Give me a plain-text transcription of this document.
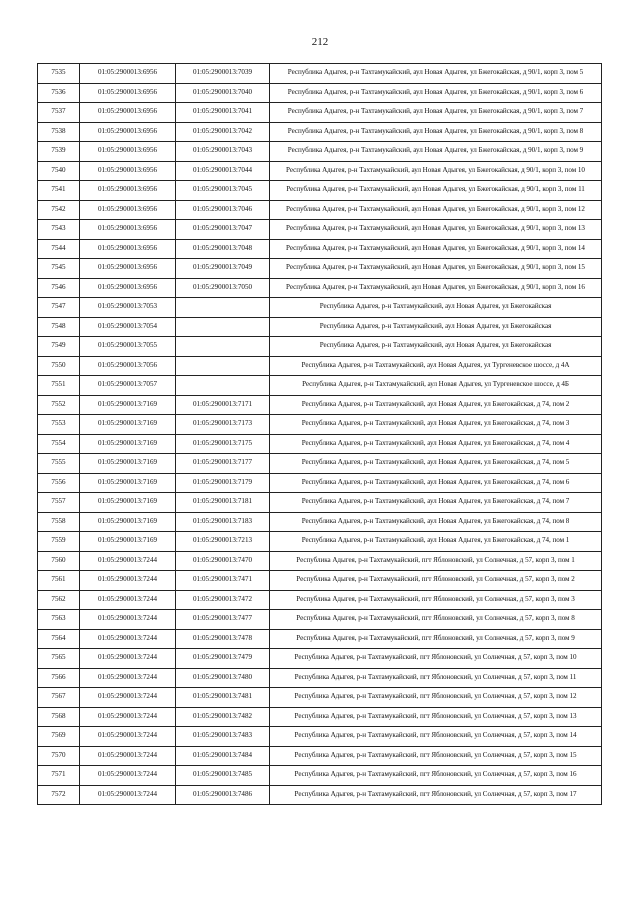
212
7535	01:05:2900013:6956	01:05:2900013:7039	Республика Адыгея, р-н Тахтамукайский, аул Новая Адыгея, ул Бжегокайская, д 90/1, корп 3, пом 5
7536	01:05:2900013:6956	01:05:2900013:7040	Республика Адыгея, р-н Тахтамукайский, аул Новая Адыгея, ул Бжегокайская, д 90/1, корп 3, пом 6
7537	01:05:2900013:6956	01:05:2900013:7041	Республика Адыгея, р-н Тахтамукайский, аул Новая Адыгея, ул Бжегокайская, д 90/1, корп 3, пом 7
7538	01:05:2900013:6956	01:05:2900013:7042	Республика Адыгея, р-н Тахтамукайский, аул Новая Адыгея, ул Бжегокайская, д 90/1, корп 3, пом 8
7539	01:05:2900013:6956	01:05:2900013:7043	Республика Адыгея, р-н Тахтамукайский, аул Новая Адыгея, ул Бжегокайская, д 90/1, корп 3, пом 9
7540	01:05:2900013:6956	01:05:2900013:7044	Республика Адыгея, р-н Тахтамукайский, аул Новая Адыгея, ул Бжегокайская, д 90/1, корп 3, пом 10
7541	01:05:2900013:6956	01:05:2900013:7045	Республика Адыгея, р-н Тахтамукайский, аул Новая Адыгея, ул Бжегокайская, д 90/1, корп 3, пом 11
7542	01:05:2900013:6956	01:05:2900013:7046	Республика Адыгея, р-н Тахтамукайский, аул Новая Адыгея, ул Бжегокайская, д 90/1, корп 3, пом 12
7543	01:05:2900013:6956	01:05:2900013:7047	Республика Адыгея, р-н Тахтамукайский, аул Новая Адыгея, ул Бжегокайская, д 90/1, корп 3, пом 13
7544	01:05:2900013:6956	01:05:2900013:7048	Республика Адыгея, р-н Тахтамукайский, аул Новая Адыгея, ул Бжегокайская, д 90/1, корп 3, пом 14
7545	01:05:2900013:6956	01:05:2900013:7049	Республика Адыгея, р-н Тахтамукайский, аул Новая Адыгея, ул Бжегокайская, д 90/1, корп 3, пом 15
7546	01:05:2900013:6956	01:05:2900013:7050	Республика Адыгея, р-н Тахтамукайский, аул Новая Адыгея, ул Бжегокайская, д 90/1, корп 3, пом 16
7547	01:05:2900013:7053		Республика Адыгея, р-н Тахтамукайский, аул Новая Адыгея, ул Бжегокайская
7548	01:05:2900013:7054		Республика Адыгея, р-н Тахтамукайский, аул Новая Адыгея, ул Бжегокайская
7549	01:05:2900013:7055		Республика Адыгея, р-н Тахтамукайский, аул Новая Адыгея, ул Бжегокайская
7550	01:05:2900013:7056		Республика Адыгея, р-н Тахтамукайский, аул Новая Адыгея, ул Тургеневское шоссе, д 4А
7551	01:05:2900013:7057		Республика Адыгея, р-н Тахтамукайский, аул Новая Адыгея, ул Тургеневское шоссе, д 4Б
7552	01:05:2900013:7169	01:05:2900013:7171	Республика Адыгея, р-н Тахтамукайский, аул Новая Адыгея, ул Бжегокайская, д 74, пом 2
7553	01:05:2900013:7169	01:05:2900013:7173	Республика Адыгея, р-н Тахтамукайский, аул Новая Адыгея, ул Бжегокайская, д 74, пом 3
7554	01:05:2900013:7169	01:05:2900013:7175	Республика Адыгея, р-н Тахтамукайский, аул Новая Адыгея, ул Бжегокайская, д 74, пом 4
7555	01:05:2900013:7169	01:05:2900013:7177	Республика Адыгея, р-н Тахтамукайский, аул Новая Адыгея, ул Бжегокайская, д 74, пом 5
7556	01:05:2900013:7169	01:05:2900013:7179	Республика Адыгея, р-н Тахтамукайский, аул Новая Адыгея, ул Бжегокайская, д 74, пом 6
7557	01:05:2900013:7169	01:05:2900013:7181	Республика Адыгея, р-н Тахтамукайский, аул Новая Адыгея, ул Бжегокайская, д 74, пом 7
7558	01:05:2900013:7169	01:05:2900013:7183	Республика Адыгея, р-н Тахтамукайский, аул Новая Адыгея, ул Бжегокайская, д 74, пом 8
7559	01:05:2900013:7169	01:05:2900013:7213	Республика Адыгея, р-н Тахтамукайский, аул Новая Адыгея, ул Бжегокайская, д 74, пом 1
7560	01:05:2900013:7244	01:05:2900013:7470	Республика Адыгея, р-н Тахтамукайский, пгт Яблоновский, ул Солнечная, д 57, корп 3, пом 1
7561	01:05:2900013:7244	01:05:2900013:7471	Республика Адыгея, р-н Тахтамукайский, пгт Яблоновский, ул Солнечная, д 57, корп 3, пом 2
7562	01:05:2900013:7244	01:05:2900013:7472	Республика Адыгея, р-н Тахтамукайский, пгт Яблоновский, ул Солнечная, д 57, корп 3, пом 3
7563	01:05:2900013:7244	01:05:2900013:7477	Республика Адыгея, р-н Тахтамукайский, пгт Яблоновский, ул Солнечная, д 57, корп 3, пом 8
7564	01:05:2900013:7244	01:05:2900013:7478	Республика Адыгея, р-н Тахтамукайский, пгт Яблоновский, ул Солнечная, д 57, корп 3, пом 9
7565	01:05:2900013:7244	01:05:2900013:7479	Республика Адыгея, р-н Тахтамукайский, пгт Яблоновский, ул Солнечная, д 57, корп 3, пом 10
7566	01:05:2900013:7244	01:05:2900013:7480	Республика Адыгея, р-н Тахтамукайский, пгт Яблоновский, ул Солнечная, д 57, корп 3, пом 11
7567	01:05:2900013:7244	01:05:2900013:7481	Республика Адыгея, р-н Тахтамукайский, пгт Яблоновский, ул Солнечная, д 57, корп 3, пом 12
7568	01:05:2900013:7244	01:05:2900013:7482	Республика Адыгея, р-н Тахтамукайский, пгт Яблоновский, ул Солнечная, д 57, корп 3, пом 13
7569	01:05:2900013:7244	01:05:2900013:7483	Республика Адыгея, р-н Тахтамукайский, пгт Яблоновский, ул Солнечная, д 57, корп 3, пом 14
7570	01:05:2900013:7244	01:05:2900013:7484	Республика Адыгея, р-н Тахтамукайский, пгт Яблоновский, ул Солнечная, д 57, корп 3, пом 15
7571	01:05:2900013:7244	01:05:2900013:7485	Республика Адыгея, р-н Тахтамукайский, пгт Яблоновский, ул Солнечная, д 57, корп 3, пом 16
7572	01:05:2900013:7244	01:05:2900013:7486	Республика Адыгея, р-н Тахтамукайский, пгт Яблоновский, ул Солнечная, д 57, корп 3, пом 17
